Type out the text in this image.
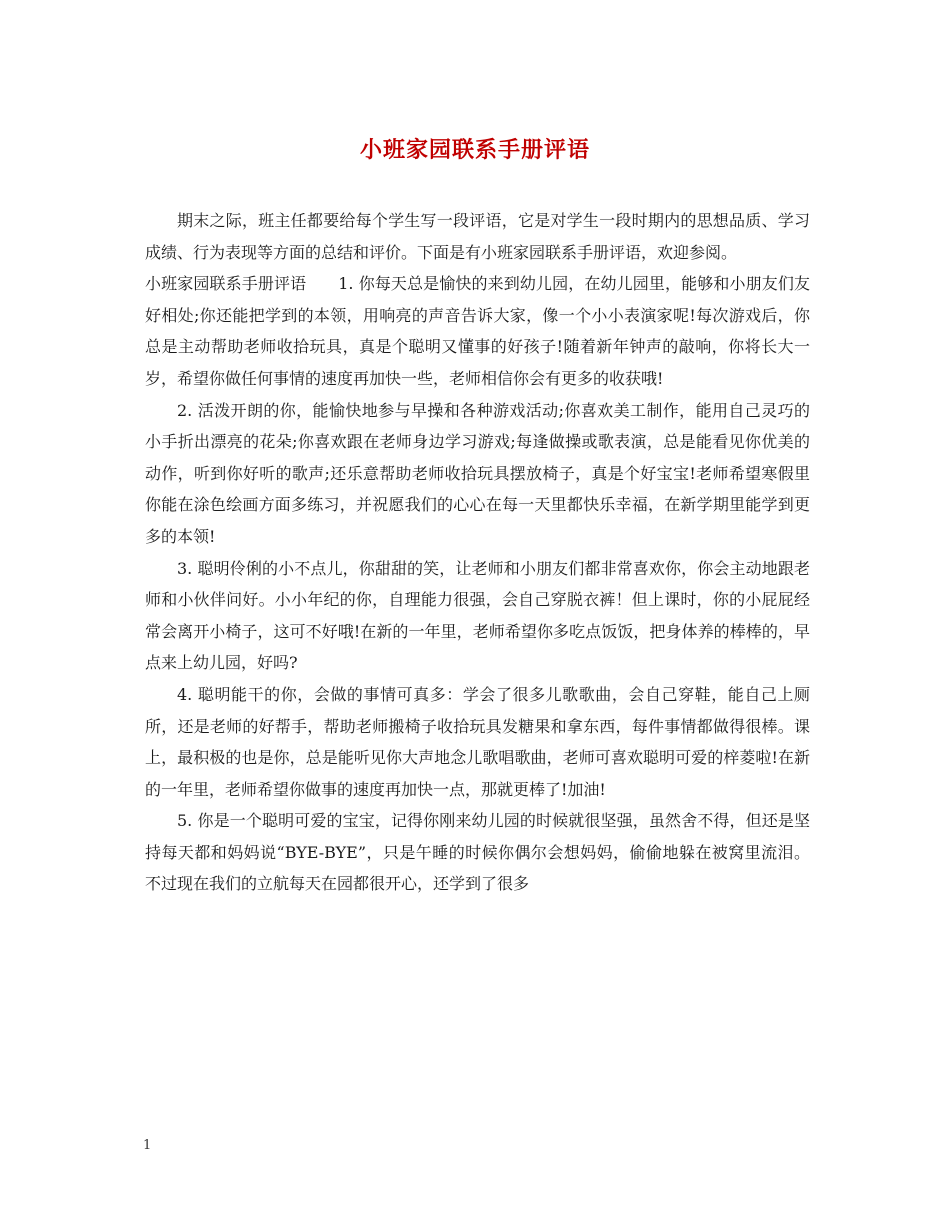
小班家园联系手册评语

期末之际，班主任都要给每个学生写一段评语，它是对学生一段时期内的思想品质、学习成绩、行为表现等方面的总结和评价。下面是有小班家园联系手册评语，欢迎参阅。

小班家园联系手册评语 1. 你每天总是愉快的来到幼儿园，在幼儿园里，能够和小朋友们友好相处;你还能把学到的本领，用响亮的声音告诉大家，像一个小小表演家呢!每次游戏后，你总是主动帮助老师收拾玩具，真是个聪明又懂事的好孩子!随着新年钟声的敲响，你将长大一岁，希望你做任何事情的速度再加快一些，老师相信你会有更多的收获哦!

2. 活泼开朗的你，能愉快地参与早操和各种游戏活动;你喜欢美工制作，能用自己灵巧的小手折出漂亮的花朵;你喜欢跟在老师身边学习游戏;每逢做操或歌表演，总是能看见你优美的动作，听到你好听的歌声;还乐意帮助老师收拾玩具摆放椅子，真是个好宝宝!老师希望寒假里你能在涂色绘画方面多练习，并祝愿我们的心心在每一天里都快乐幸福，在新学期里能学到更多的本领!

3. 聪明伶俐的小不点儿，你甜甜的笑，让老师和小朋友们都非常喜欢你，你会主动地跟老师和小伙伴问好。小小年纪的你，自理能力很强，会自己穿脱衣裤！但上课时，你的小屁屁经常会离开小椅子，这可不好哦!在新的一年里，老师希望你多吃点饭饭，把身体养的棒棒的，早点来上幼儿园，好吗?

4. 聪明能干的你，会做的事情可真多：学会了很多儿歌歌曲，会自己穿鞋，能自己上厕所，还是老师的好帮手，帮助老师搬椅子收拾玩具发糖果和拿东西，每件事情都做得很棒。课上，最积极的也是你，总是能听见你大声地念儿歌唱歌曲，老师可喜欢聪明可爱的梓菱啦!在新的一年里，老师希望你做事的速度再加快一点，那就更棒了!加油!

5. 你是一个聪明可爱的宝宝，记得你刚来幼儿园的时候就很坚强，虽然舍不得，但还是坚持每天都和妈妈说“BYE-BYE”，只是午睡的时候你偶尔会想妈妈，偷偷地躲在被窝里流泪。不过现在我们的立航每天在园都很开心，还学到了很多

1
